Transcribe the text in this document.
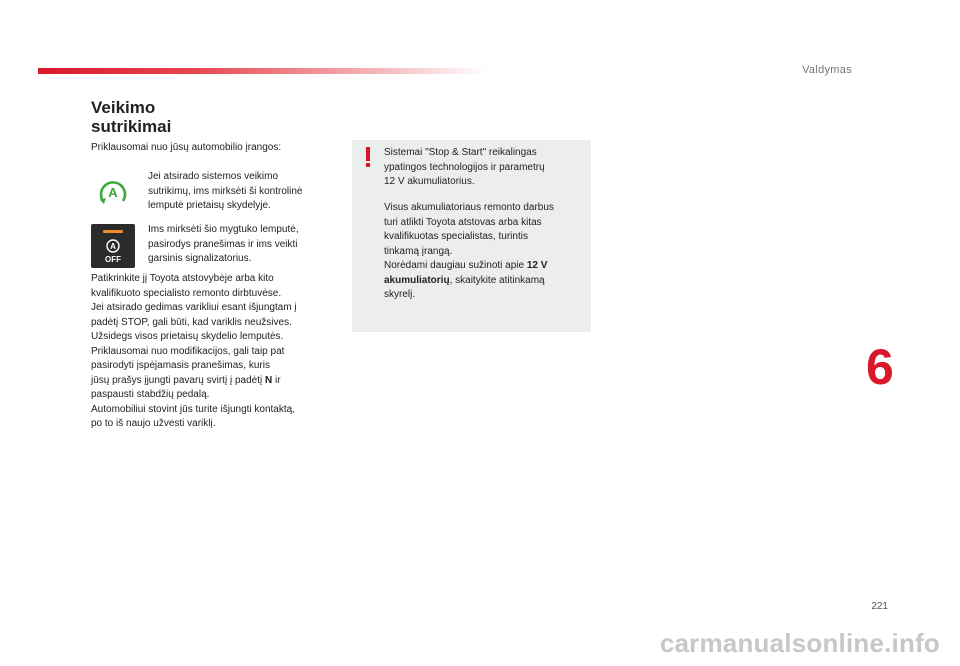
Valdymas
Veikimo
sutrikimai
Priklausomai nuo jūsų automobilio įrangos:
A
Jei atsirado sistemos veikimo
sutrikimų, ims mirksėti ši kontrolinė
lemputė prietaisų skydelyje.
A
OFF
Ims mirksėti šio mygtuko lemputė,
pasirodys pranešimas ir ims veikti
garsinis signalizatorius.
Patikrinkite jį Toyota atstovybėje arba kito
kvalifikuoto specialisto remonto dirbtuvėse.
Jei atsirado gedimas varikliui esant išjungtam į
padėtį STOP, gali būti, kad variklis neužsives.
Užsidegs visos prietaisų skydelio lemputės.
Priklausomai nuo modifikacijos, gali taip pat
pasirodyti įspėjamasis pranešimas, kuris
jūsų prašys įjungti pavarų svirtį į padėtį N ir
paspausti stabdžių pedalą.
Automobiliui stovint jūs turite išjungti kontaktą,
po to iš naujo užvesti variklį.
Sistemai "Stop & Start" reikalingas
ypatingos technologijos ir parametrų
12 V akumuliatorius.
Visus akumuliatoriaus remonto darbus
turi atlikti Toyota atstovas arba kitas
kvalifikuotas specialistas, turintis
tinkamą įrangą.
Norėdami daugiau sužinoti apie 12 V
akumuliatorių, skaitykite atitinkamą
skyrelį.
6
221
carmanualsonline.info
